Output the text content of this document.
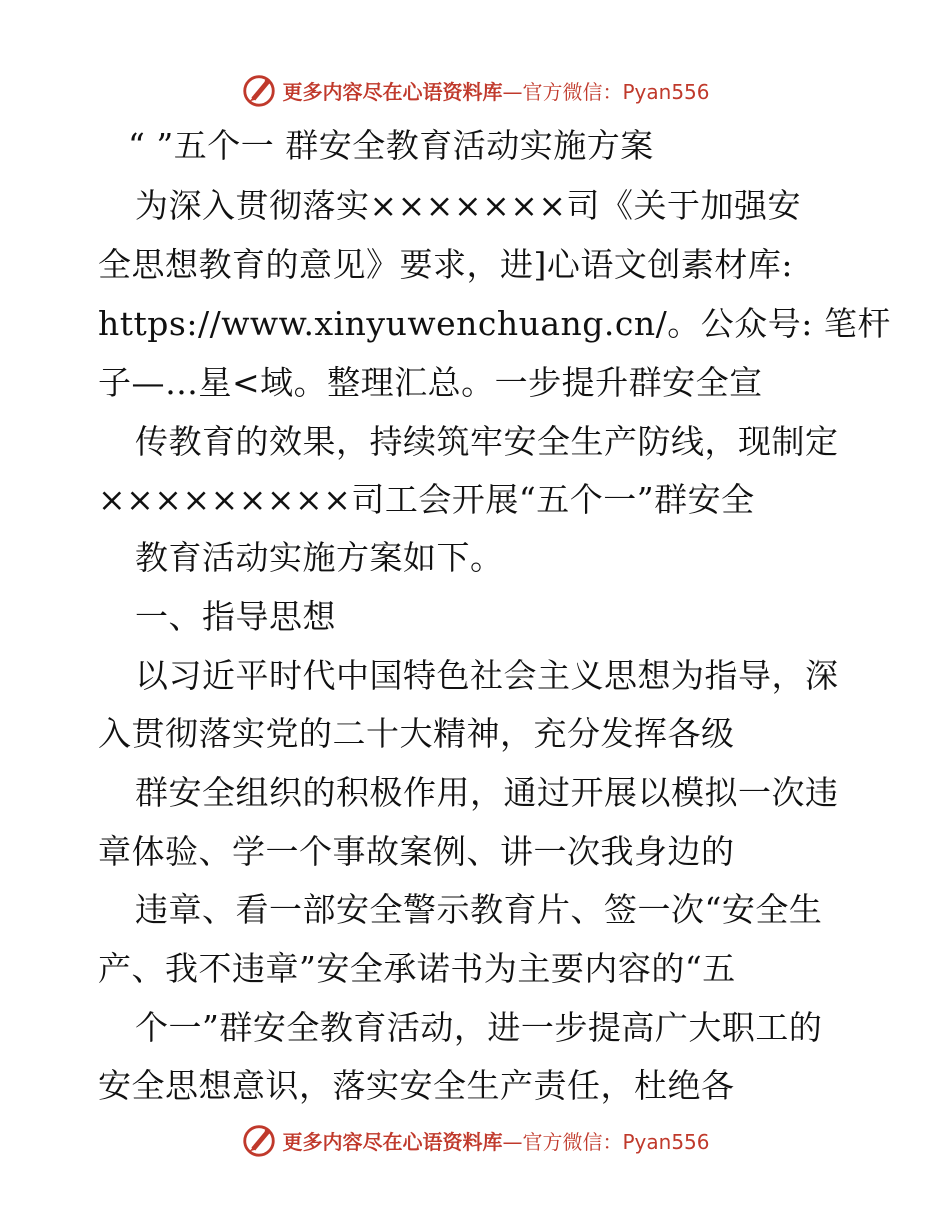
更多内容尽在心语资料库—官方微信：Pyan556
“ ”五个一 群安全教育活动实施方案
为深入贯彻落实×××××××司《关于加强安
全思想教育的意见》要求，进]心语文创素材库:
https://www.xinyuwenchuang.cn/。公众号: 笔杆
子—…星<域。整理汇总。一步提升群安全宣
传教育的效果，持续筑牢安全生产防线，现制定
×××××××××司工会开展“五个一”群安全
教育活动实施方案如下。
一、指导思想
以习近平时代中国特色社会主义思想为指导，深
入贯彻落实党的二十大精神，充分发挥各级
群安全组织的积极作用，通过开展以模拟一次违
章体验、学一个事故案例、讲一次我身边的
违章、看一部安全警示教育片、签一次“安全生
产、我不违章”安全承诺书为主要内容的“五
个一”群安全教育活动，进一步提高广大职工的
安全思想意识，落实安全生产责任，杜绝各
更多内容尽在心语资料库—官方微信：Pyan556
